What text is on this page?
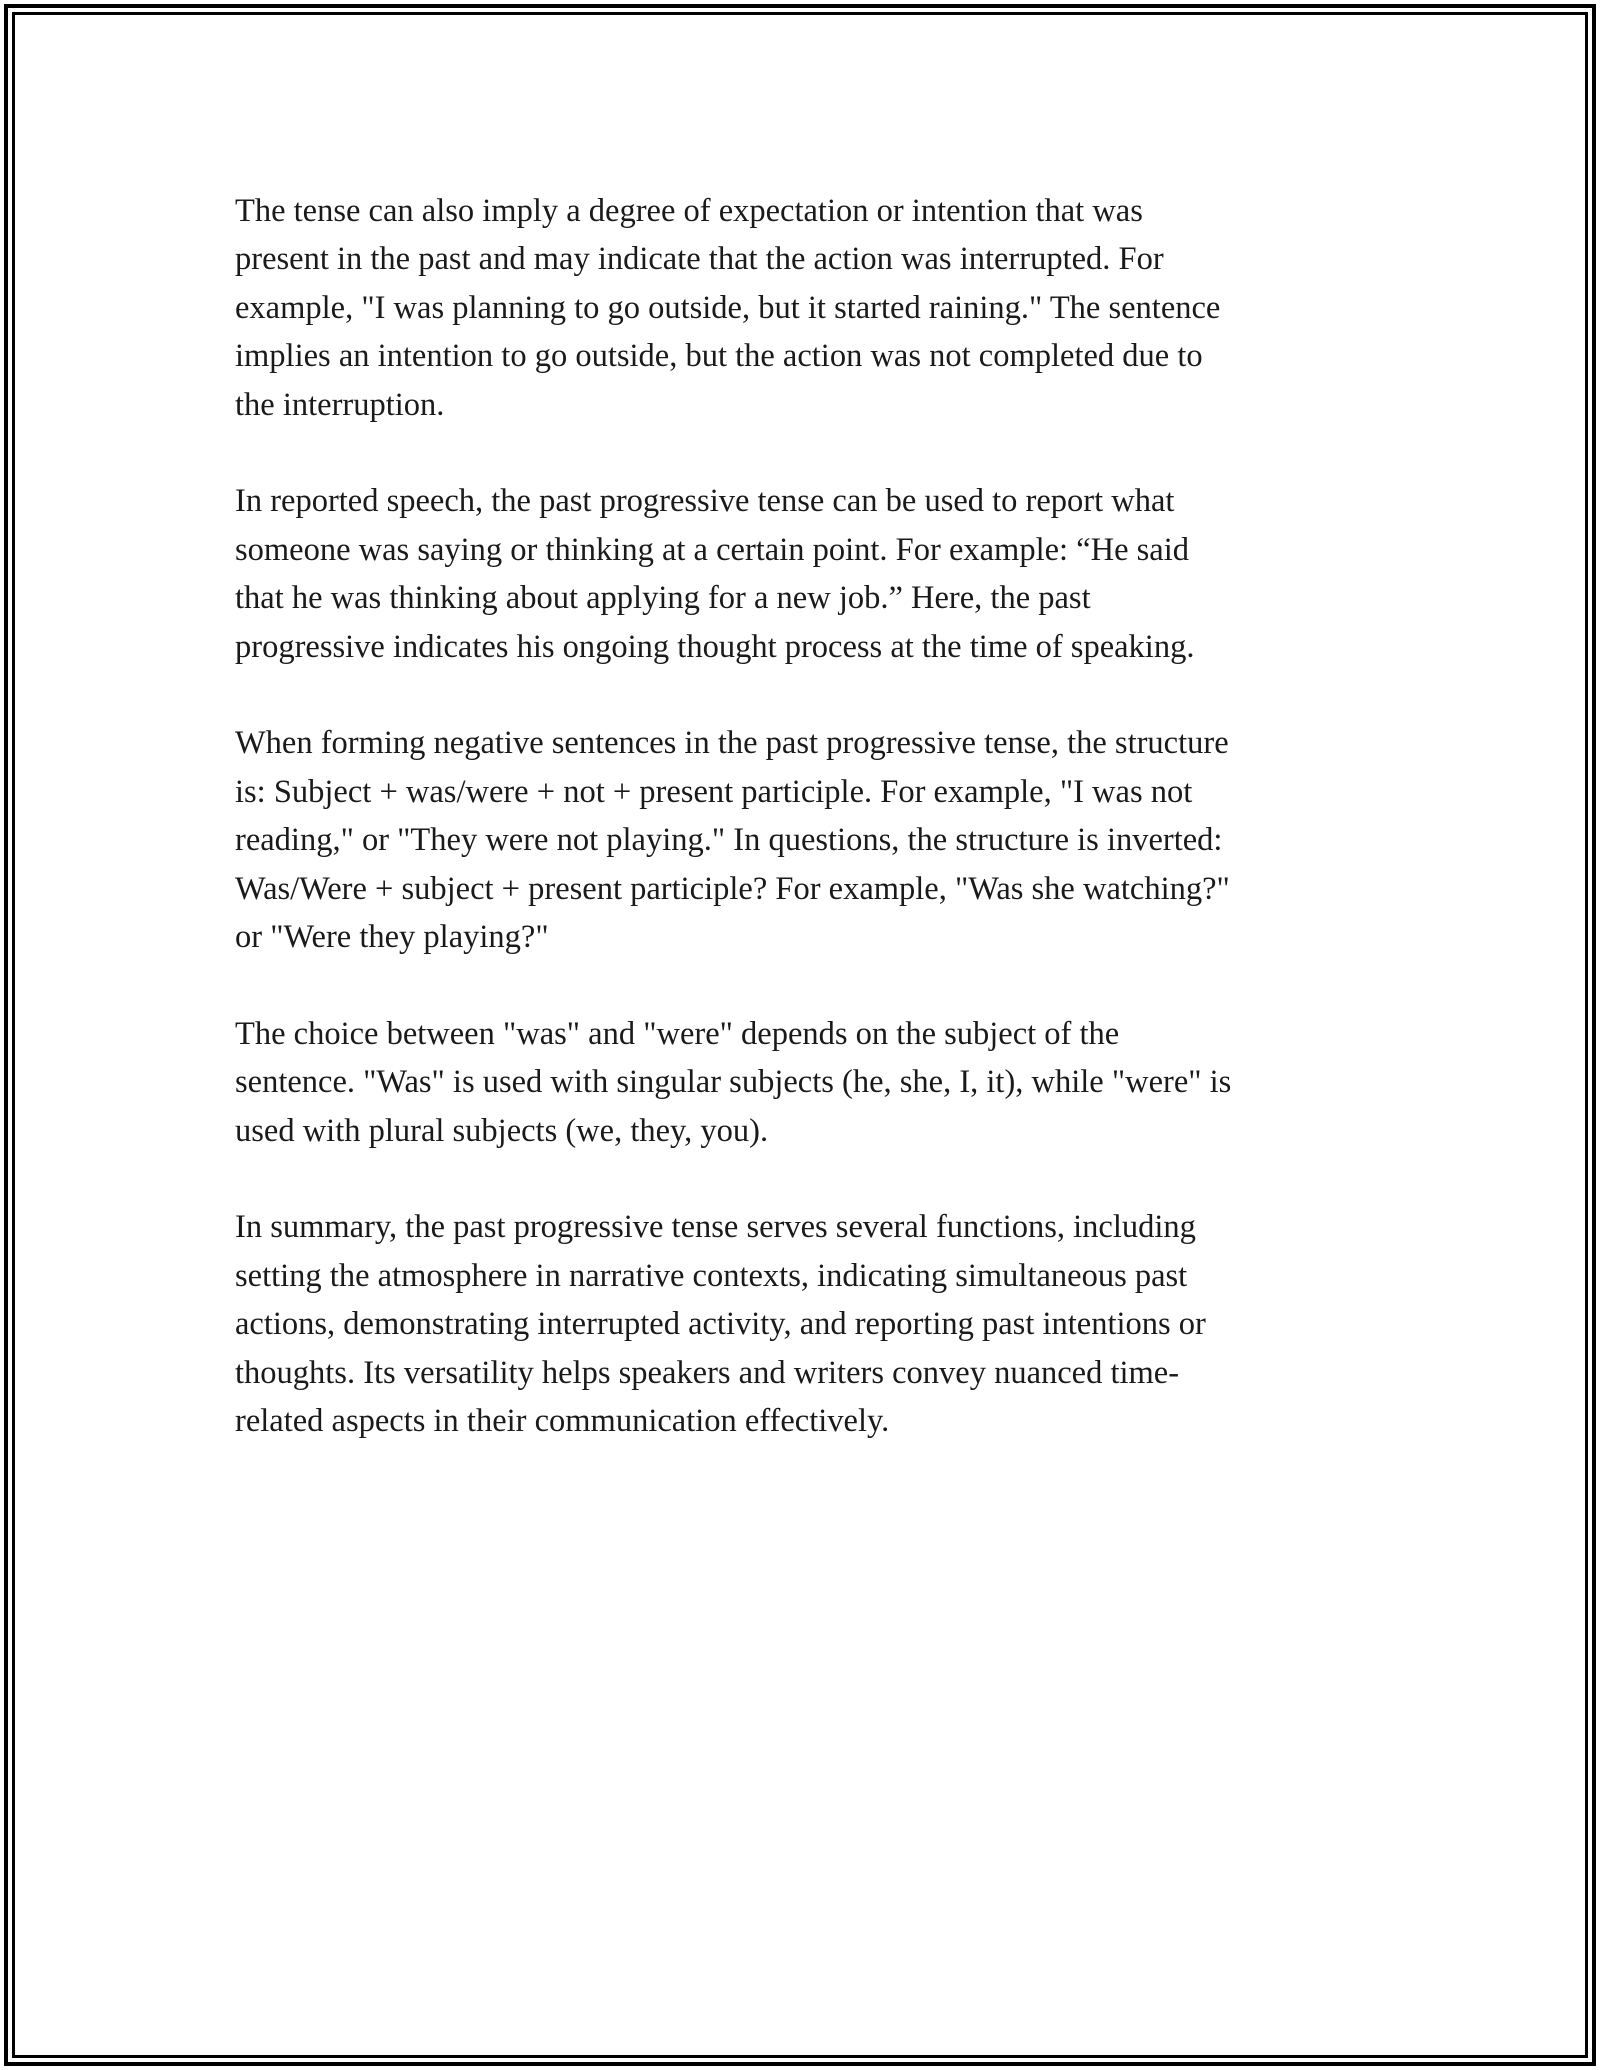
The tense can also imply a degree of expectation or intention that was
present in the past and may indicate that the action was interrupted. For
example, "I was planning to go outside, but it started raining." The sentence
implies an intention to go outside, but the action was not completed due to
the interruption.

In reported speech, the past progressive tense can be used to report what
someone was saying or thinking at a certain point. For example: “He said
that he was thinking about applying for a new job.” Here, the past
progressive indicates his ongoing thought process at the time of speaking.

When forming negative sentences in the past progressive tense, the structure
is: Subject + was/were + not + present participle. For example, "I was not
reading," or "They were not playing." In questions, the structure is inverted:
Was/Were + subject + present participle? For example, "Was she watching?"
or "Were they playing?"

The choice between "was" and "were" depends on the subject of the
sentence. "Was" is used with singular subjects (he, she, I, it), while "were" is
used with plural subjects (we, they, you).

In summary, the past progressive tense serves several functions, including
setting the atmosphere in narrative contexts, indicating simultaneous past
actions, demonstrating interrupted activity, and reporting past intentions or
thoughts. Its versatility helps speakers and writers convey nuanced time-
related aspects in their communication effectively.
